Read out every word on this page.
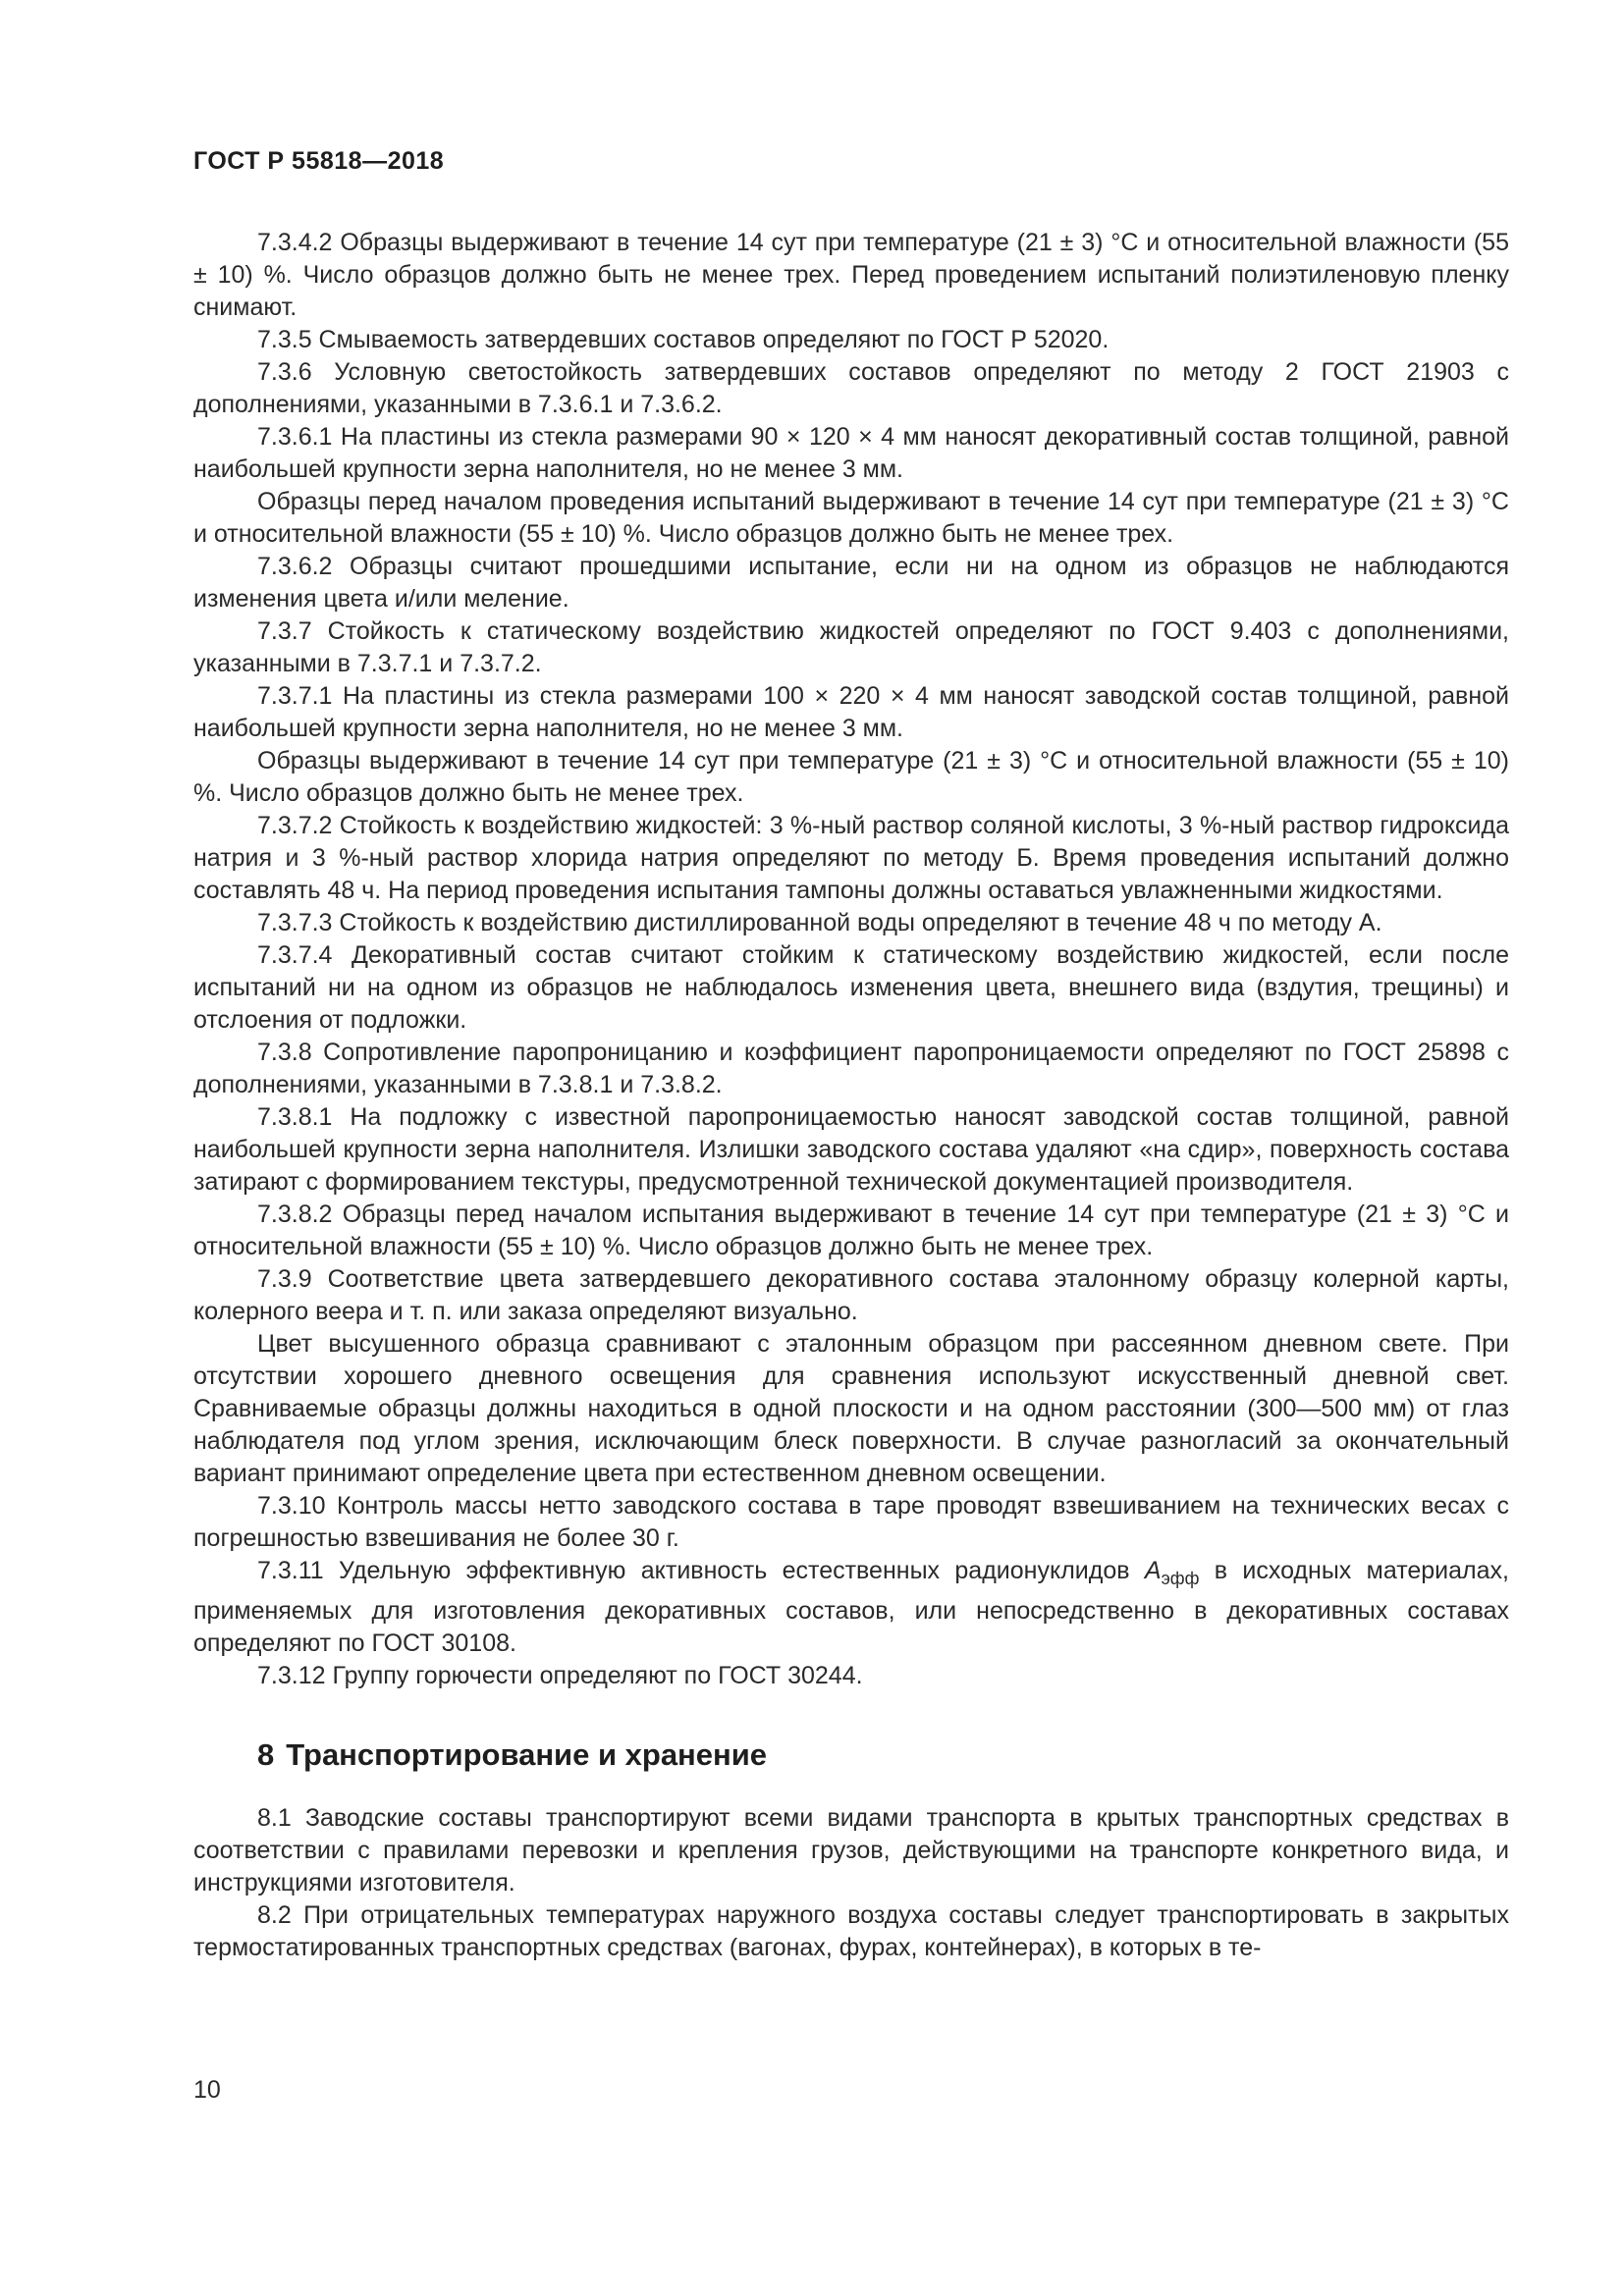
ГОСТ Р 55818—2018

7.3.4.2 Образцы выдерживают в течение 14 сут при температуре (21 ± 3) °С и относительной влажности (55 ± 10) %. Число образцов должно быть не менее трех. Перед проведением испытаний полиэтиленовую пленку снимают.

7.3.5 Смываемость затвердевших составов определяют по ГОСТ Р 52020.

7.3.6 Условную светостойкость затвердевших составов определяют по методу 2 ГОСТ 21903 с дополнениями, указанными в 7.3.6.1 и 7.3.6.2.

7.3.6.1 На пластины из стекла размерами 90 × 120 × 4 мм наносят декоративный состав толщиной, равной наибольшей крупности зерна наполнителя, но не менее 3 мм.

Образцы перед началом проведения испытаний выдерживают в течение 14 сут при температуре (21 ± 3) °С и относительной влажности (55 ± 10) %. Число образцов должно быть не менее трех.

7.3.6.2 Образцы считают прошедшими испытание, если ни на одном из образцов не наблюдаются изменения цвета и/или меление.

7.3.7 Стойкость к статическому воздействию жидкостей определяют по ГОСТ 9.403 с дополнениями, указанными в 7.3.7.1 и 7.3.7.2.

7.3.7.1 На пластины из стекла размерами 100 × 220 × 4 мм наносят заводской состав толщиной, равной наибольшей крупности зерна наполнителя, но не менее 3 мм.

Образцы выдерживают в течение 14 сут при температуре (21 ± 3) °С и относительной влажности (55 ± 10) %. Число образцов должно быть не менее трех.

7.3.7.2 Стойкость к воздействию жидкостей: 3 %-ный раствор соляной кислоты, 3 %-ный раствор гидроксида натрия и 3 %-ный раствор хлорида натрия определяют по методу Б. Время проведения испытаний должно составлять 48 ч. На период проведения испытания тампоны должны оставаться увлажненными жидкостями.

7.3.7.3 Стойкость к воздействию дистиллированной воды определяют в течение 48 ч по методу А.

7.3.7.4 Декоративный состав считают стойким к статическому воздействию жидкостей, если после испытаний ни на одном из образцов не наблюдалось изменения цвета, внешнего вида (вздутия, трещины) и отслоения от подложки.

7.3.8 Сопротивление паропроницанию и коэффициент паропроницаемости определяют по ГОСТ 25898 с дополнениями, указанными в 7.3.8.1 и 7.3.8.2.

7.3.8.1 На подложку с известной паропроницаемостью наносят заводской состав толщиной, равной наибольшей крупности зерна наполнителя. Излишки заводского состава удаляют «на сдир», поверхность состава затирают с формированием текстуры, предусмотренной технической документацией производителя.

7.3.8.2 Образцы перед началом испытания выдерживают в течение 14 сут при температуре (21 ± 3) °С и относительной влажности (55 ± 10) %. Число образцов должно быть не менее трех.

7.3.9 Соответствие цвета затвердевшего декоративного состава эталонному образцу колерной карты, колерного веера и т. п. или заказа определяют визуально.

Цвет высушенного образца сравнивают с эталонным образцом при рассеянном дневном свете. При отсутствии хорошего дневного освещения для сравнения используют искусственный дневной свет. Сравниваемые образцы должны находиться в одной плоскости и на одном расстоянии (300—500 мм) от глаз наблюдателя под углом зрения, исключающим блеск поверхности. В случае разногласий за окончательный вариант принимают определение цвета при естественном дневном освещении.

7.3.10 Контроль массы нетто заводского состава в таре проводят взвешиванием на технических весах с погрешностью взвешивания не более 30 г.

7.3.11 Удельную эффективную активность естественных радионуклидов $A_{эфф}$ в исходных материалах, применяемых для изготовления декоративных составов, или непосредственно в декоративных составах определяют по ГОСТ 30108.

7.3.12 Группу горючести определяют по ГОСТ 30244.

8 Транспортирование и хранение

8.1 Заводские составы транспортируют всеми видами транспорта в крытых транспортных средствах в соответствии с правилами перевозки и крепления грузов, действующими на транспорте конкретного вида, и инструкциями изготовителя.

8.2 При отрицательных температурах наружного воздуха составы следует транспортировать в закрытых термостатированных транспортных средствах (вагонах, фурах, контейнерах), в которых в те-

10
